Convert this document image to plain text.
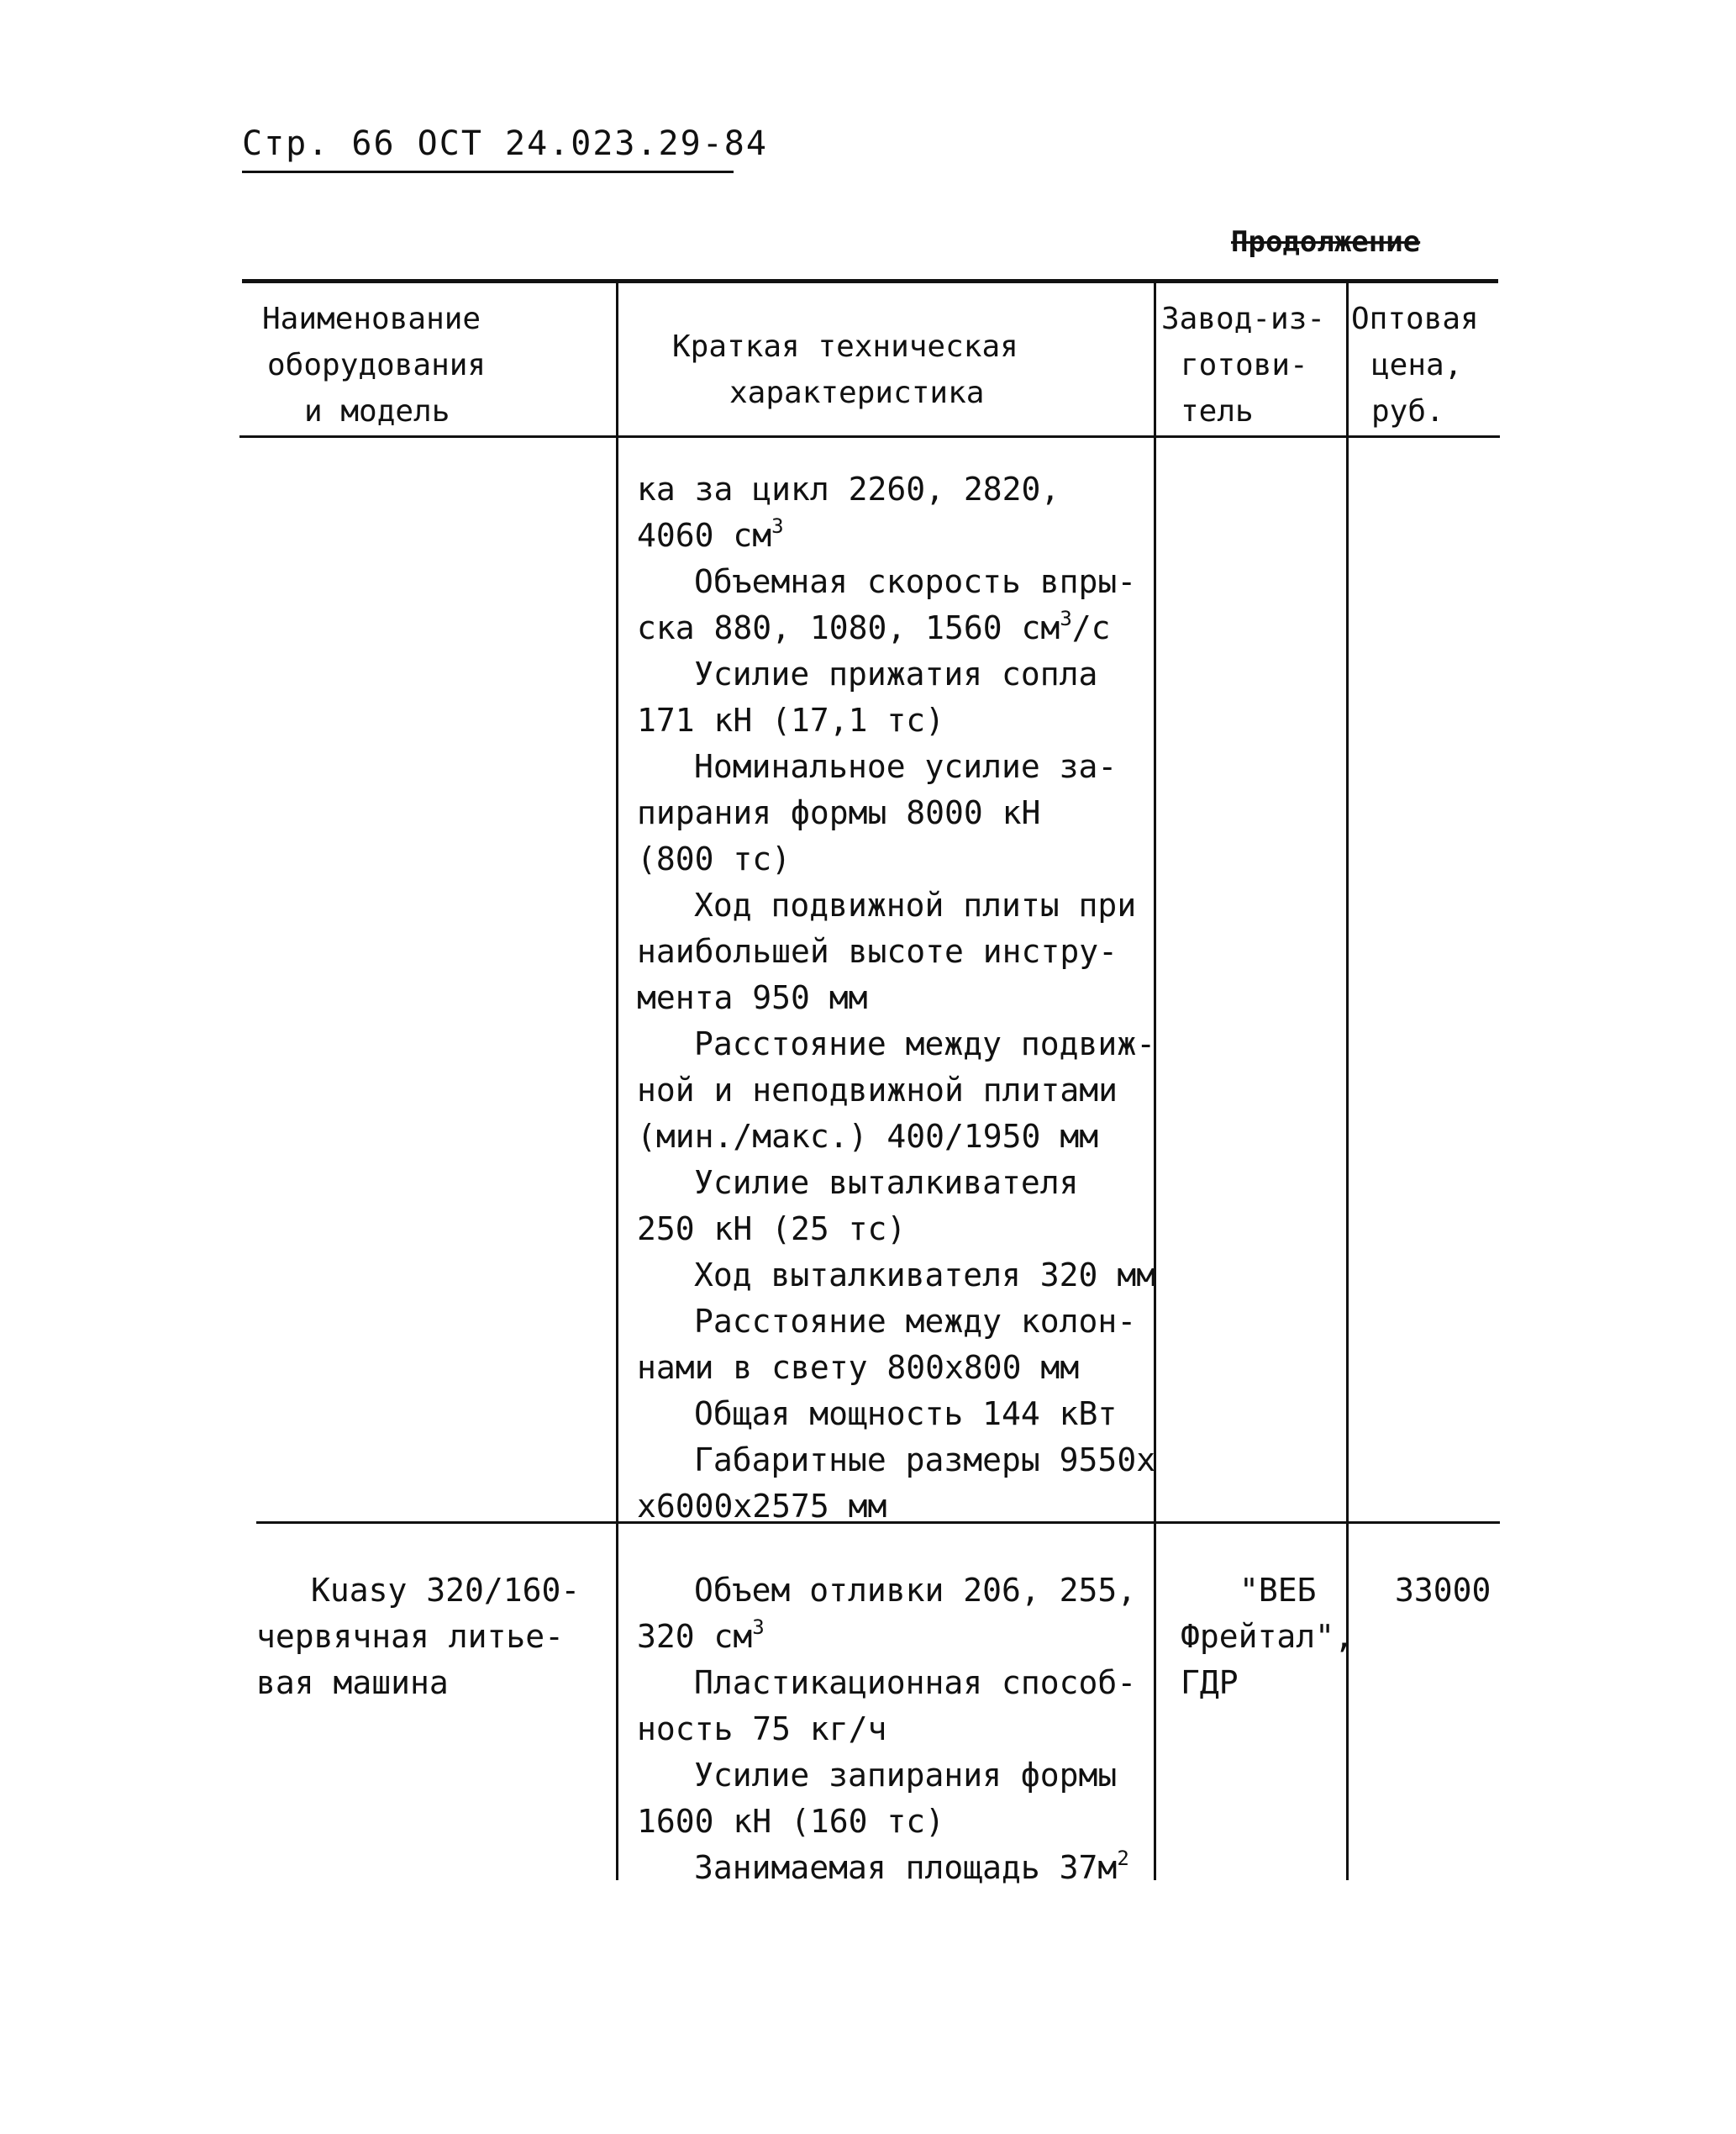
Стр. 66 ОСТ 24.023.29-84
Продолжение
Наименование
оборудования
и модель
Краткая техническая
характеристика
Завод-из-
готови-
тель
Оптовая
цена,
руб.
ка за цикл 2260, 2820,
4060 $см^3$
Объемная скорость впры-
ска 880, 1080, 1560 $см^3/с$
Усилие прижатия сопла
171 кН (17,1 тс)
Номинальное усилие за-
пирания формы 8000 кН
(800 тс)
Ход подвижной плиты при
наибольшей высоте инстру-
мента 950 мм
Расстояние между подвиж-
ной и неподвижной плитами
(мин./макс.) 400/1950 мм
Усилие выталкивателя
250 кН (25 тс)
Ход выталкивателя 320 мм
Расстояние между колон-
нами в свету 800х800 мм
Общая мощность 144 кВт
Габаритные размеры 9550х
х6000х2575 мм
Kuasy 320/160-
червячная литье-
вая машина
Объем отливки 206, 255,
320 $см^3$
Пластикационная способ-
ность 75 кг/ч
Усилие запирания формы
1600 кН (160 тс)
Занимаемая площадь $37м^2$
"ВЕБ
Фрейтал",
ГДР
33000
